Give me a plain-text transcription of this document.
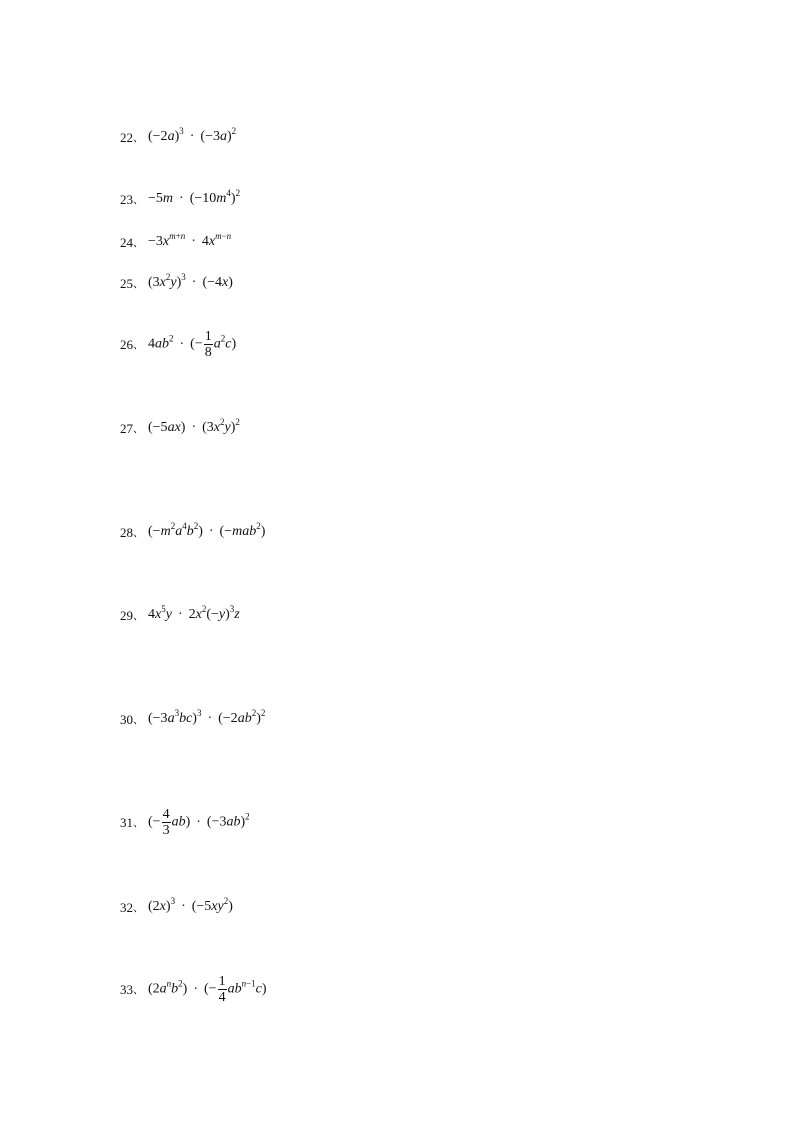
22 、 $(-2a)^3 \cdot (-3a)^2$
23 、 $-5m \cdot (-10m^4)^2$
24 、 $-3x^{m+n} \cdot 4x^{m-n}$
25 、 $(3x^2y)^3 \cdot (-4x)$
26 、 $4ab^2$ · (− $\frac{1}{8} a^2c$)
27 、 $(-5ax) \cdot (3x^2y)^2$
28 、 $(-m^2a^4b^2) \cdot (-mab^2)$
29 、 $4x^5y \cdot 2x^2(-y)^3z$
30 、 $(-3a^3bc)^3 \cdot (-2ab^2)^2$
31 、 (− $\frac{4}{3} ab) \cdot (-3ab)^2$
32 、 $(2x)^3 \cdot (-5xy^2)$
33 、 $(2a^nb^2)$ · (− $\frac{1}{4} ab^{n-1}c$)
